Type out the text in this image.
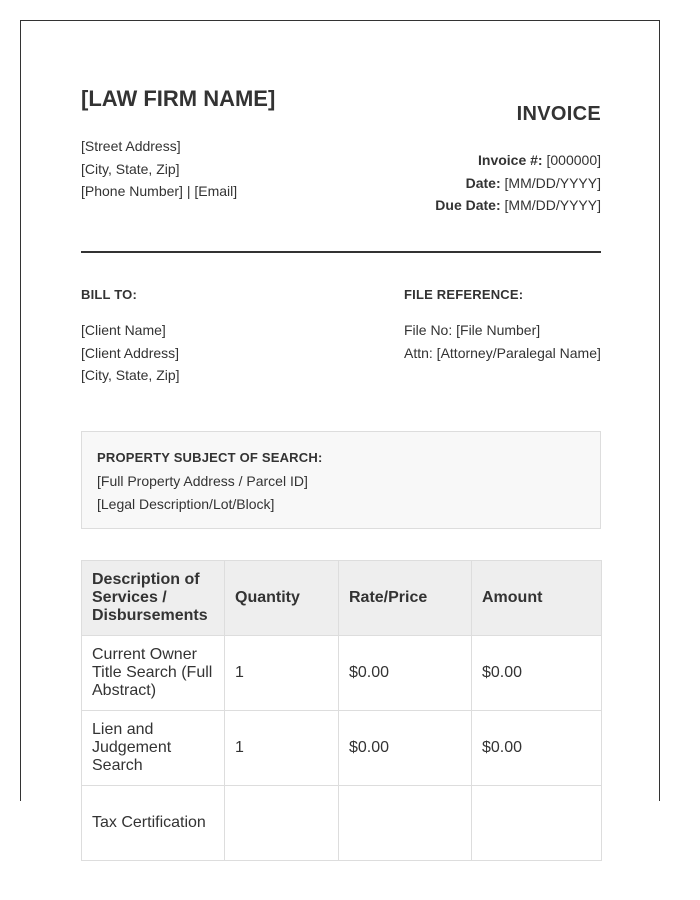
[LAW FIRM NAME]
[Street Address]
[City, State, Zip]
[Phone Number] | [Email]
INVOICE
Invoice #: [000000]
Date: [MM/DD/YYYY]
Due Date: [MM/DD/YYYY]
BILL TO:
[Client Name]
[Client Address]
[City, State, Zip]
FILE REFERENCE:
File No: [File Number]
Attn: [Attorney/Paralegal Name]
PROPERTY SUBJECT OF SEARCH:
[Full Property Address / Parcel ID]
[Legal Description/Lot/Block]
Description of Services / Disbursements	Quantity	Rate/Price	Amount
Current Owner Title Search (Full Abstract)	1	$0.00	$0.00
Lien and Judgement Search	1	$0.00	$0.00
Tax Certification			
